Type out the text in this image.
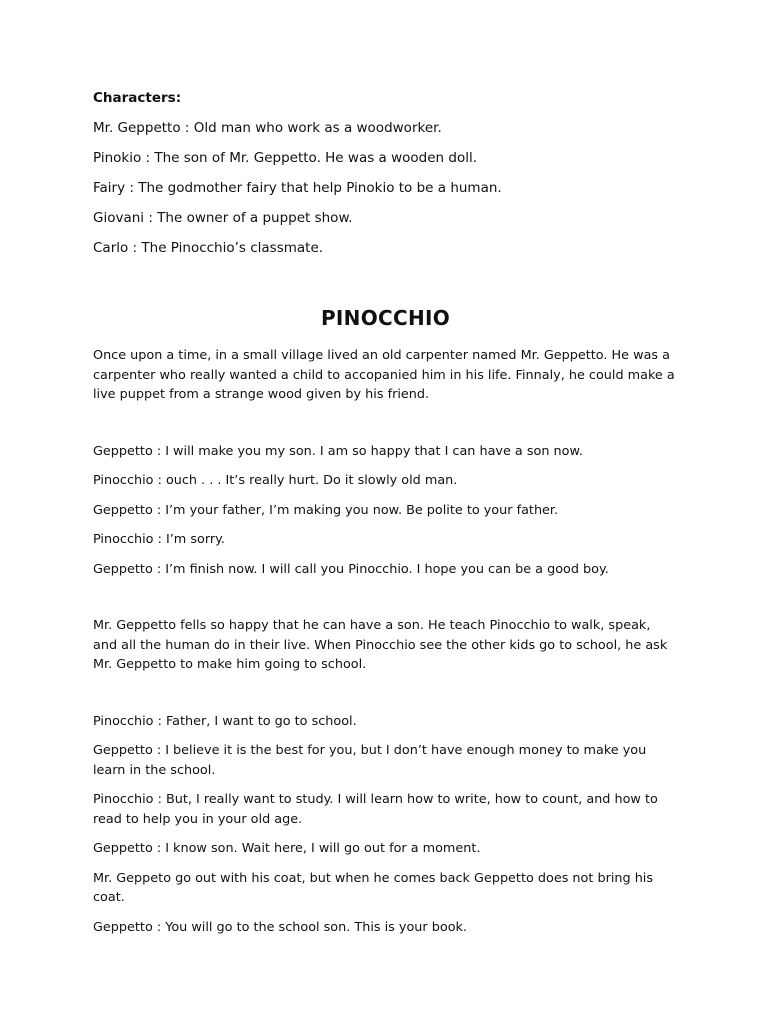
Characters:
Mr. Geppetto : Old man who work as a woodworker.
Pinokio : The son of Mr. Geppetto. He was a wooden doll.
Fairy : The godmother fairy that help Pinokio to be a human.
Giovani : The owner of a puppet show.
Carlo : The Pinocchio’s classmate.
PINOCCHIO
Once upon a time, in a small village lived an old carpenter named Mr. Geppetto. He was a carpenter who really wanted a child to accopanied him in his life. Finnaly, he could make a live puppet from a strange wood given by his friend.
Geppetto : I will make you my son. I am so happy that I can have a son now.
Pinocchio : ouch . . . It’s really hurt. Do it slowly old man.
Geppetto : I’m your father, I’m making you now. Be polite to your father.
Pinocchio : I’m sorry.
Geppetto : I’m finish now. I will call you Pinocchio. I hope you can be a good boy.
Mr. Geppetto fells so happy that he can have a son. He teach Pinocchio to walk, speak, and all the human do in their live. When Pinocchio see the other kids go to school, he ask Mr. Geppetto to make him going to school.
Pinocchio : Father, I want to go to school.
Geppetto : I believe it is the best for you, but I don’t have enough money to make you learn in the school.
Pinocchio : But, I really want to study. I will learn how to write, how to count, and how to read to help you in your old age.
Geppetto : I know son. Wait here, I will go out for a moment.
Mr. Geppeto go out with his coat, but when he comes back Geppetto does not bring his coat.
Geppetto : You will go to the school son. This is your book.
